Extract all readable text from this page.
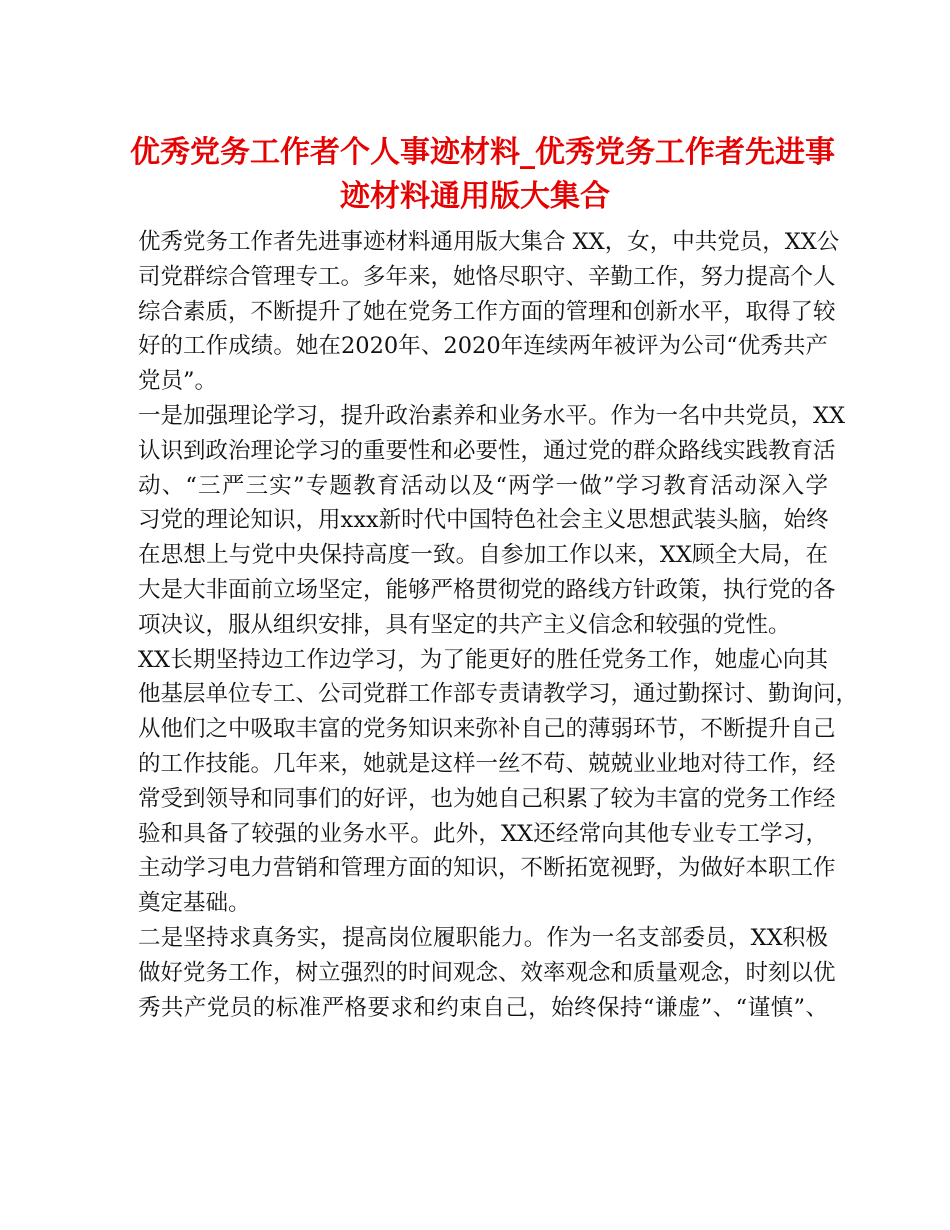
优秀党务工作者个人事迹材料_优秀党务工作者先进事
迹材料通用版大集合
优秀党务工作者先进事迹材料通用版大集合 XX，女，中共党员，XX公
司党群综合管理专工。多年来，她恪尽职守、辛勤工作，努力提高个人
综合素质，不断提升了她在党务工作方面的管理和创新水平，取得了较
好的工作成绩。她在2020年、2020年连续两年被评为公司“优秀共产
党员”。
一是加强理论学习，提升政治素养和业务水平。作为一名中共党员，XX
认识到政治理论学习的重要性和必要性，通过党的群众路线实践教育活
动、“三严三实”专题教育活动以及“两学一做”学习教育活动深入学
习党的理论知识，用xxx新时代中国特色社会主义思想武装头脑，始终
在思想上与党中央保持高度一致。自参加工作以来，XX顾全大局，在
大是大非面前立场坚定，能够严格贯彻党的路线方针政策，执行党的各
项决议，服从组织安排，具有坚定的共产主义信念和较强的党性。
XX长期坚持边工作边学习，为了能更好的胜任党务工作，她虚心向其
他基层单位专工、公司党群工作部专责请教学习，通过勤探讨、勤询问，
从他们之中吸取丰富的党务知识来弥补自己的薄弱环节，不断提升自己
的工作技能。几年来，她就是这样一丝不苟、兢兢业业地对待工作，经
常受到领导和同事们的好评，也为她自己积累了较为丰富的党务工作经
验和具备了较强的业务水平。此外，XX还经常向其他专业专工学习，
主动学习电力营销和管理方面的知识，不断拓宽视野，为做好本职工作
奠定基础。
二是坚持求真务实，提高岗位履职能力。作为一名支部委员，XX积极
做好党务工作，树立强烈的时间观念、效率观念和质量观念，时刻以优
秀共产党员的标准严格要求和约束自己，始终保持“谦虚”、“谨慎”、
